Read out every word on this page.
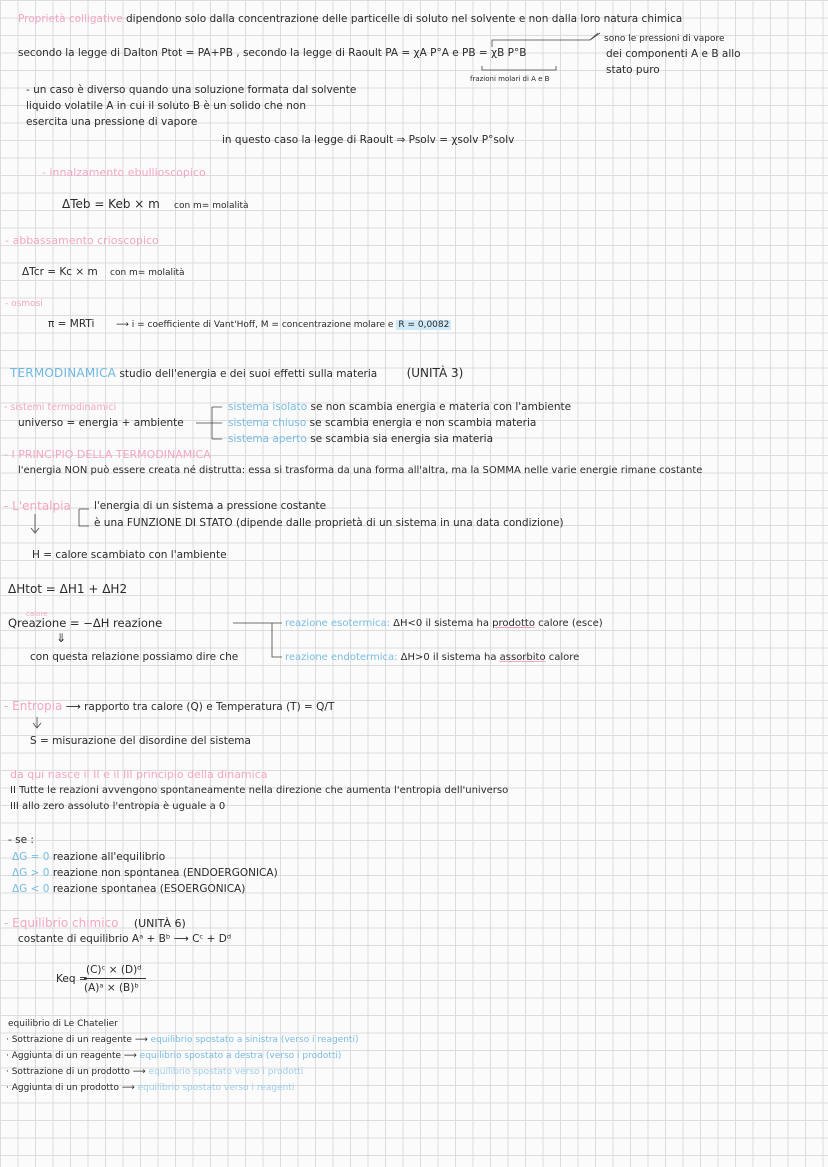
Proprietà colligative dipendono solo dalla concentrazione delle particelle di soluto nel solvente e non dalla loro natura chimica
secondo la legge di Dalton Ptot = PA+PB , secondo la legge di Raoult PA = χA P°A e PB = χB P°B
sono le pressioni di vapore
dei componenti A e B allo
stato puro
frazioni molari di A e B
- un caso è diverso quando una soluzione formata dal solvente
liquido volatile A in cui il soluto B è un solido che non
esercita una pressione di vapore
in questo caso la legge di Raoult ⇒ Psolv = χsolv P°solv
- innalzamento ebullioscopico
ΔTeb = Keb × m con m= molalità
- abbassamento crioscopico
ΔTcr = Kc × m con m= molalità
- osmosi
π = MRTi ⟶ i = coefficiente di Vant'Hoff, M = concentrazione molare e R = 0,0082
TERMODINAMICA studio dell'energia e dei suoi effetti sulla materia (UNITÀ 3)
- sistemi termodinamici
universo = energia + ambiente
sistema isolato se non scambia energia e materia con l'ambiente
sistema chiuso se scambia energia e non scambia materia
sistema aperto se scambia sia energia sia materia
- I PRINCIPIO DELLA TERMODINAMICA
l'energia NON può essere creata né distrutta: essa si trasforma da una forma all'altra, ma la SOMMA nelle varie energie rimane costante
- L'entalpia l'energia di un sistema a pressione costante
è una FUNZIONE DI STATO (dipende dalle proprietà di un sistema in una data condizione)
H = calore scambiato con l'ambiente
ΔHtot = ΔH1 + ΔH2
calore
Qreazione = −ΔH reazione
⇓
con questa relazione possiamo dire che
reazione esotermica: ΔH<0 il sistema ha prodotto calore (esce)
reazione endotermica: ΔH>0 il sistema ha assorbito calore
- Entropia ⟶ rapporto tra calore (Q) e Temperatura (T) = Q/T
S = misurazione del disordine del sistema
da qui nasce il II e il III principio della dinamica
II Tutte le reazioni avvengono spontaneamente nella direzione che aumenta l'entropia dell'universo
III allo zero assoluto l'entropia è uguale a 0
- se :
ΔG = 0 reazione all'equilibrio
ΔG > 0 reazione non spontanea (ENDOERGONICA)
ΔG < 0 reazione spontanea (ESOERGONICA)
- Equilibrio chimico (UNITÀ 6)
costante di equilibrio Aᵃ + Bᵇ ⟶ Cᶜ + Dᵈ
Keq =
(C)ᶜ × (D)ᵈ
(A)ᵃ × (B)ᵇ
equilibrio di Le Chatelier
· Sottrazione di un reagente ⟶ equilibrio spostato a sinistra (verso i reagenti)
· Aggiunta di un reagente ⟶ equilibrio spostato a destra (verso i prodotti)
· Sottrazione di un prodotto ⟶ equilibrio spostato verso i prodotti
· Aggiunta di un prodotto ⟶ equilibrio spostato verso i reagenti
